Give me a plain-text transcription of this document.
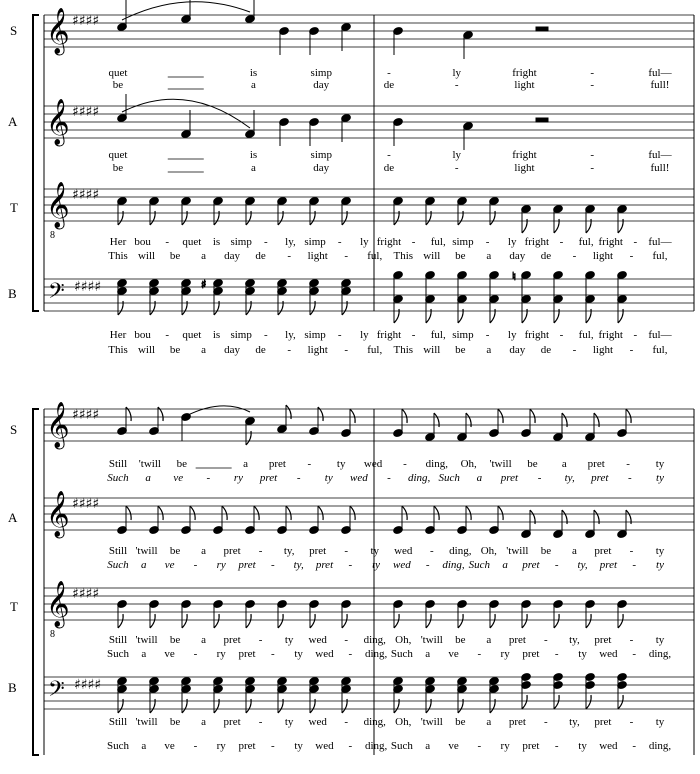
S 𝄞 ♯♯♯♯
quet	is	simp	-	ly	fright	-	ful—
be	a	day	de	-	light	-	full!
A 𝄞 ♯♯♯♯
quet	is	simp	-	ly	fright	-	ful—
be	a	day	de	-	light	-	full!
T 𝄞
8
♯♯♯♯
Her bou - quet is simp - ly, simp - ly fright - ful, simp - ly fright - ful, fright - ful—
This will be a day de - light - ful, This will be a day de - light - ful,
B 𝄢 ♯♯♯♯	♯
♮
Her bou - quet is simp - ly, simp - ly fright - ful, simp - ly fright - ful, fright - ful—
This will be a day de - light - ful, This will be a day de - light - ful,
S 𝄞 ♯♯♯♯
Still 'twill be	a pret - ty wed - ding, Oh, 'twill be a pret - ty
Such a ve - ry pret - ty wed - ding, Such a pret - ty, pret - ty
A 𝄞 ♯♯♯♯
Still 'twill be a pret - ty, pret - ty wed - ding, Oh, 'twill be a pret - ty
Such a ve - ry pret - ty, pret - ty wed - ding, Such a pret - ty, pret - ty
T 𝄞
8
♯♯♯♯
Still 'twill be a pret - ty wed - ding, Oh, 'twill be a pret - ty, pret - ty
Such a ve - ry pret - ty wed - ding, Such a ve - ry pret - ty wed - ding,
B 𝄢 ♯♯♯♯
Still 'twill be a pret - ty wed - ding, Oh, 'twill be a pret - ty, pret - ty
Such a ve - ry pret - ty wed - ding, Such a ve - ry pret - ty wed - ding,
